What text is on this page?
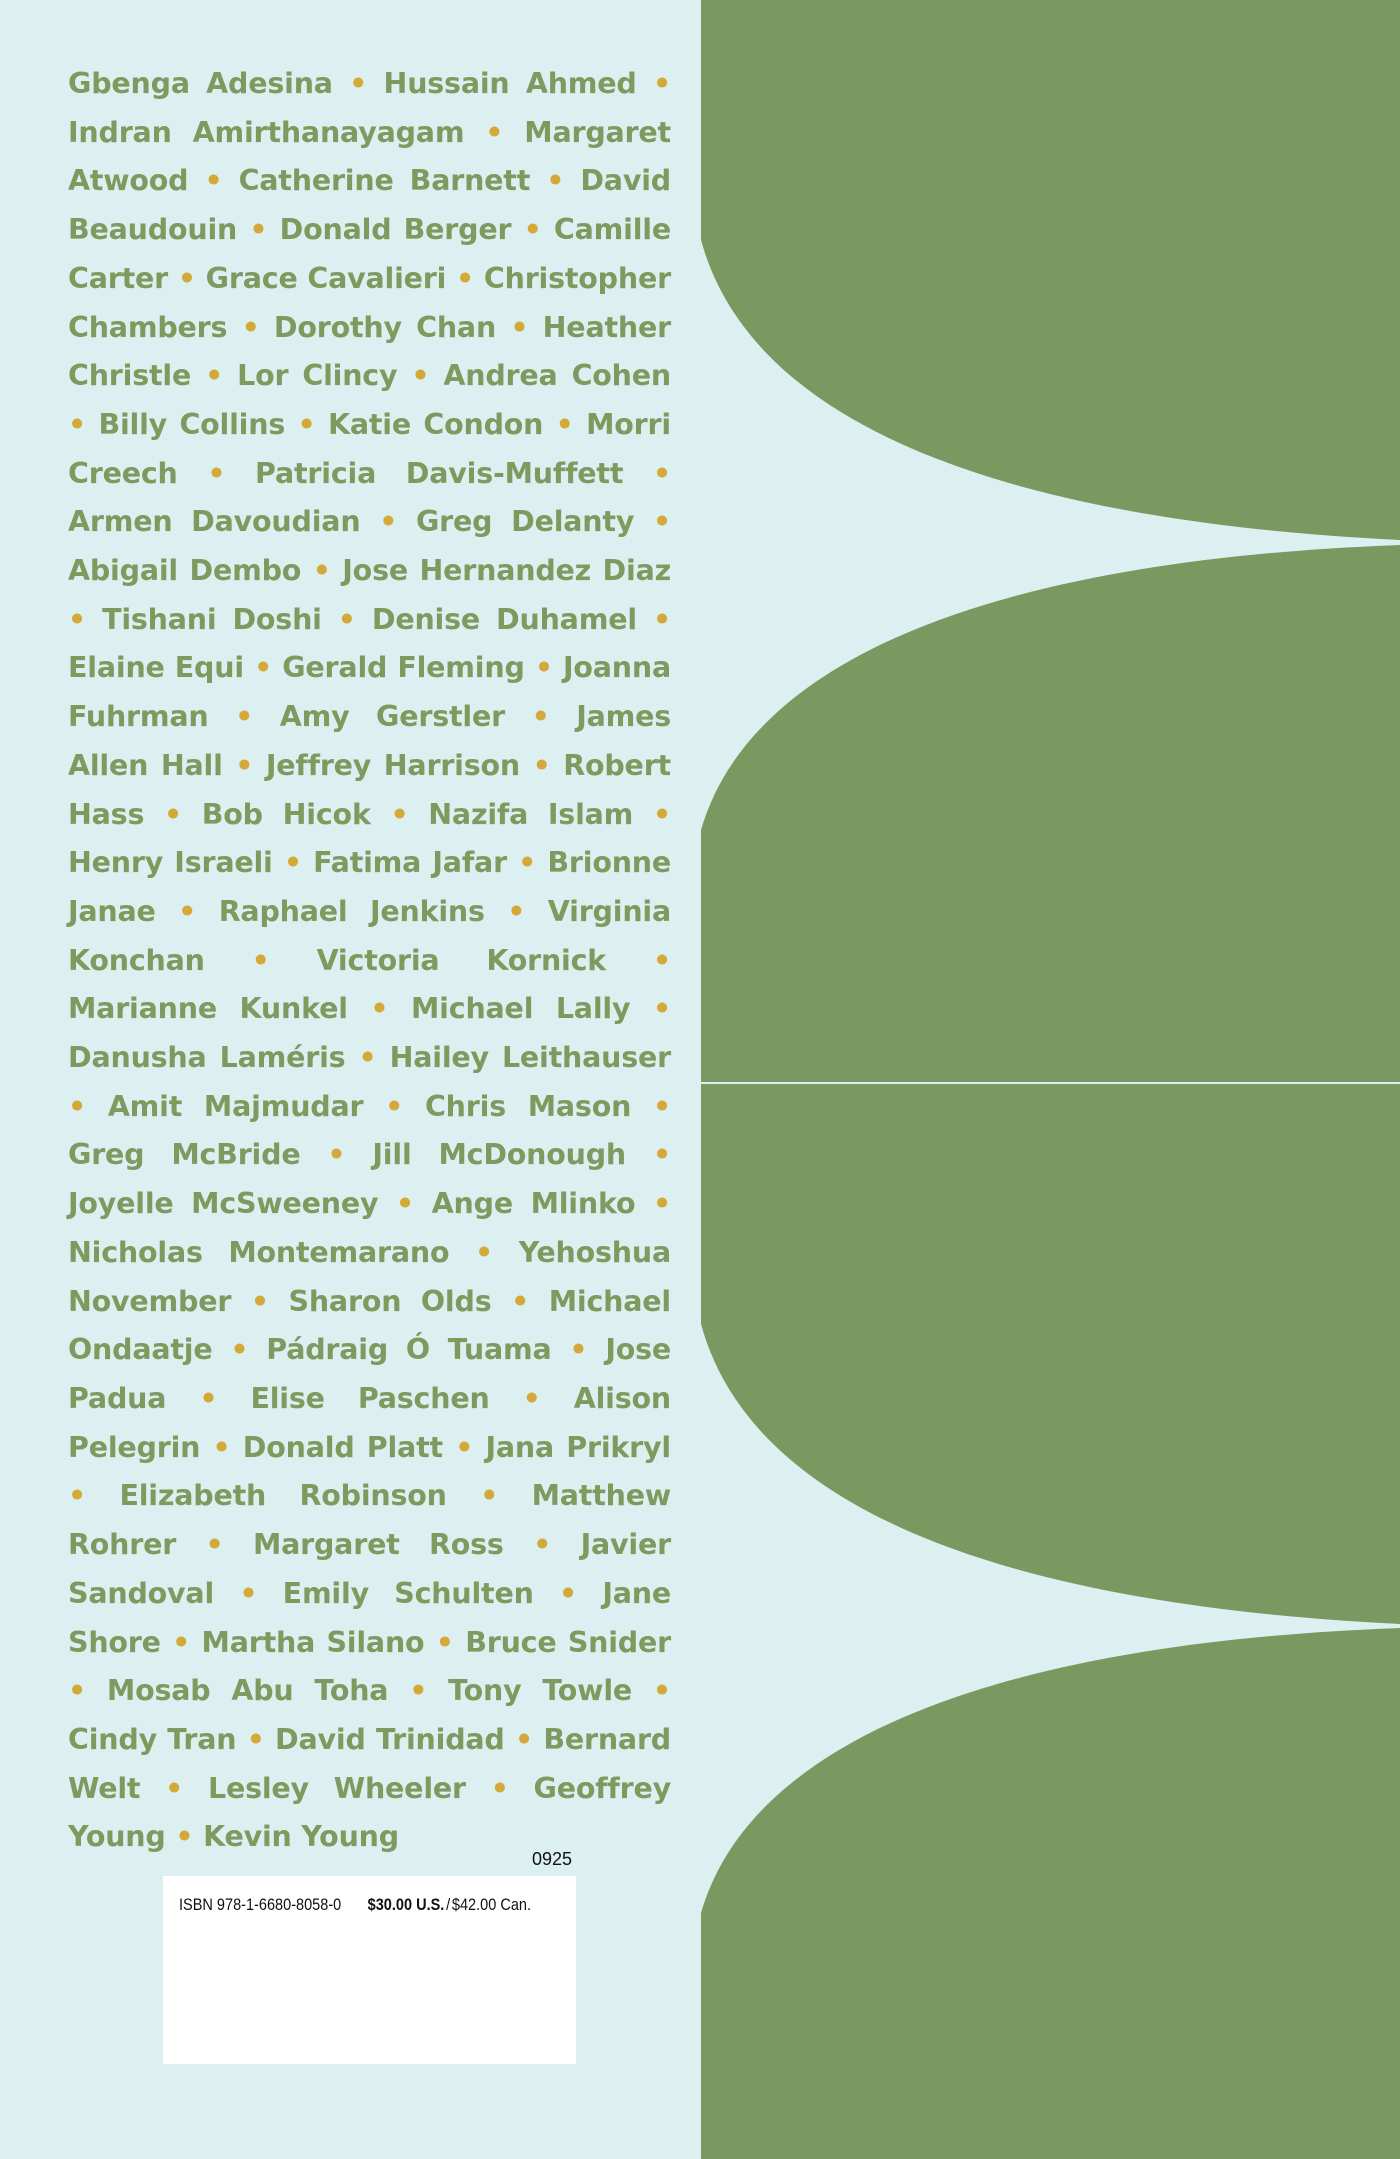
Gbenga Adesina • Hussain Ahmed • Indran Amirthanayagam • Margaret Atwood • Catherine Barnett • David Beaudouin • Donald Berger • Camille Carter • Grace Cavalieri • Christopher Chambers • Dorothy Chan • Heather Christle • Lor Clincy • Andrea Cohen • Billy Collins • Katie Condon • Morri Creech • Patricia Davis-Muffett • Armen Davoudian • Greg Delanty • Abigail Dembo • Jose Hernandez Diaz • Tishani Doshi • Denise Duhamel • Elaine Equi • Gerald Fleming • Joanna Fuhrman • Amy Gerstler • James Allen Hall • Jeffrey Harrison • Robert Hass • Bob Hicok • Nazifa Islam • Henry Israeli • Fatima Jafar • Brionne Janae • Raphael Jenkins • Virginia Konchan • Victoria Kornick • Marianne Kunkel • Michael Lally • Danusha Laméris • Hailey Leithauser • Amit Majmudar • Chris Mason • Greg McBride • Jill McDonough • Joyelle McSweeney • Ange Mlinko • Nicholas Montemarano • Yehoshua November • Sharon Olds • Michael Ondaatje • Pádraig Ó Tuama • Jose Padua • Elise Paschen • Alison Pelegrin • Donald Platt • Jana Prikryl • Elizabeth Robinson • Matthew Rohrer • Margaret Ross • Javier Sandoval • Emily Schulten • Jane Shore • Martha Silano • Bruce Snider • Mosab Abu Toha • Tony Towle • Cindy Tran • David Trinidad • Bernard Welt • Lesley Wheeler • Geoffrey Young • Kevin Young

0925
ISBN 978-1-6680-8058-0 $30.00 U.S. / $42.00 Can.
